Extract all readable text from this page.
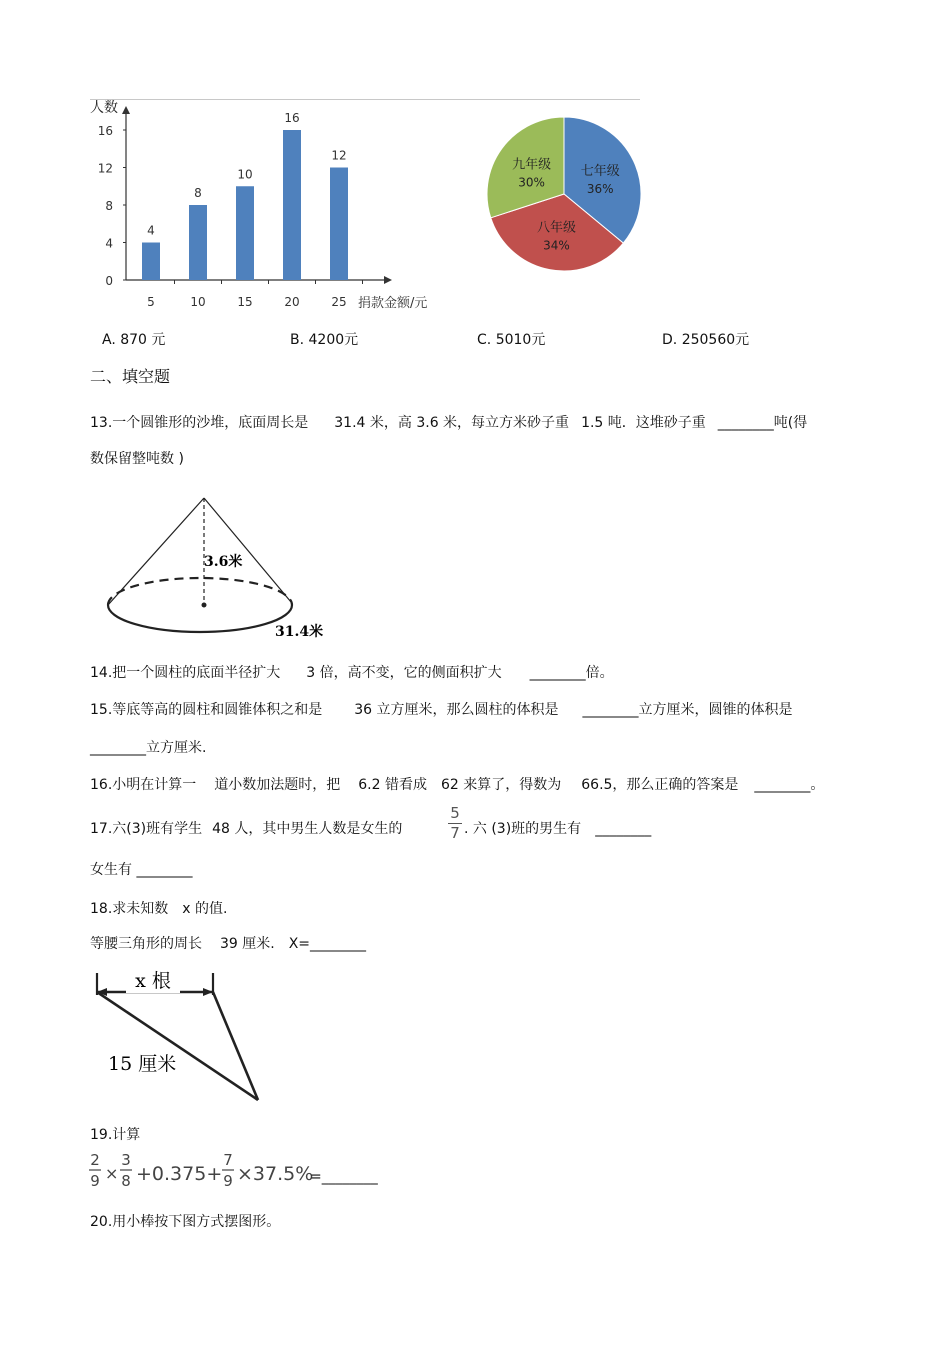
人数
0
4
8
12
16
4
5
8
10
10
15
16
20
12
25 捐款金额/元
七年级
36%
八年级
34%
九年级
30%
A. 870 元	B. 4200元	C. 5010元	D. 250560元
二、填空题
13.一个圆锥形的沙堆，底面周长是 31.4 米，高 3.6 米，每立方米砂子重 1.5 吨．这堆砂子重 ________吨(得
数保留整吨数 )
3.6米
31.4米
14.把一个圆柱的底面半径扩大 3 倍，高不变，它的侧面积扩大 ________倍。
15.等底等高的圆柱和圆锥体积之和是 36 立方厘米，那么圆柱的体积是 ________立方厘米，圆锥的体积是
________立方厘米.
16.小明在计算一 道小数加法题时，把 6.2 错看成 62 来算了，得数为 66.5，那么正确的答案是 ________。
17.六(3)班有学生 48 人，其中男生人数是女生的
5
7 . 六 (3)班的男生有 ________
女生有 ________
18.求未知数 x 的值.
等腰三角形的周长 39 厘米. X=________
x 根
15 厘米
19.计算
2
9 ×
3
8 +0.375+
7
9 ×37.5%
=________
20.用小棒按下图方式摆图形。
